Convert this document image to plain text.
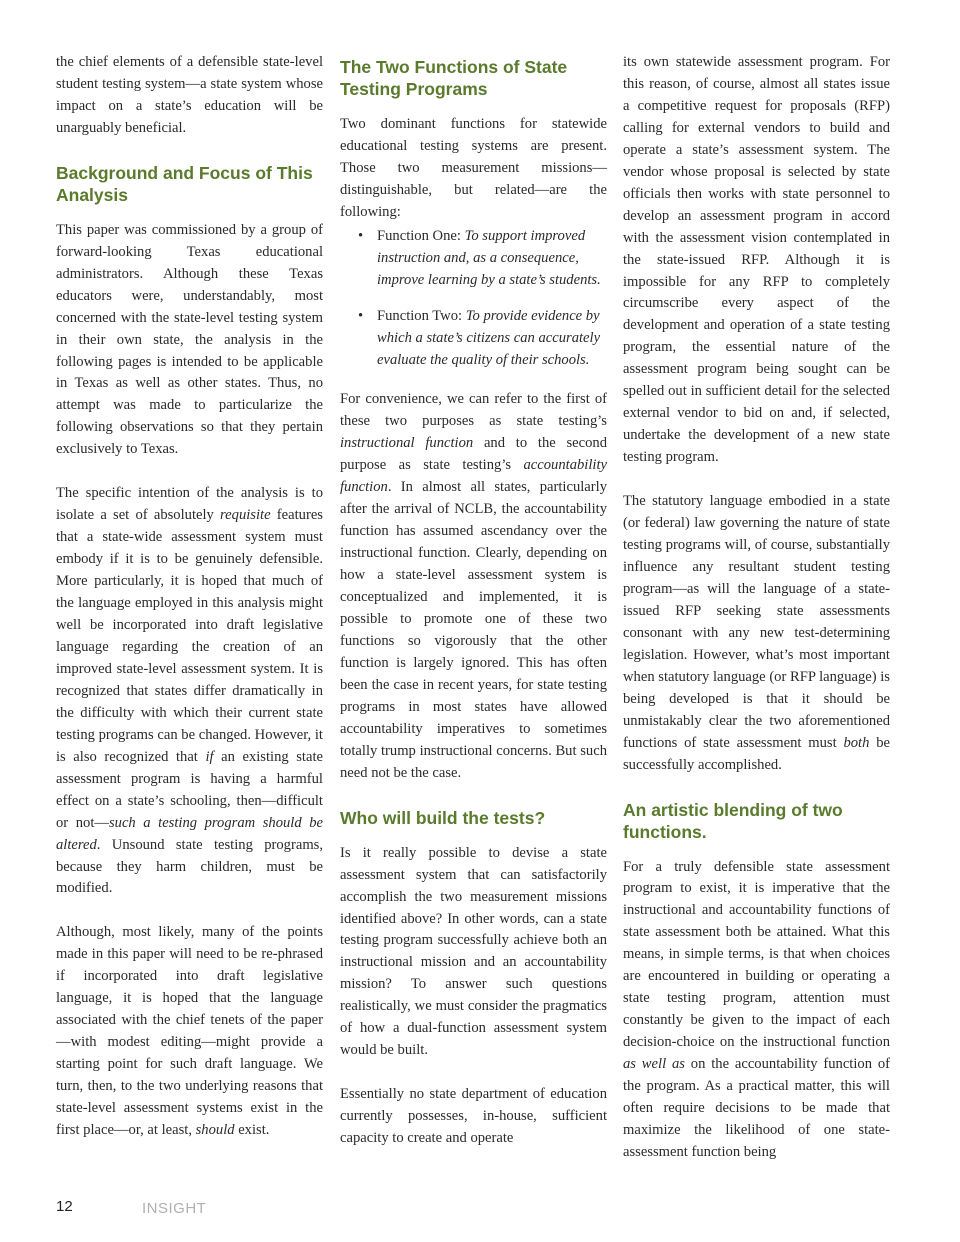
the chief elements of a defensible state-level student testing system—a state system whose impact on a state’s education will be unarguably beneficial.

Background and Focus of This Analysis

This paper was commissioned by a group of forward-looking Texas educational administrators. Although these Texas educators were, understandably, most concerned with the state-level testing system in their own state, the analysis in the following pages is intended to be applicable in Texas as well as other states. Thus, no attempt was made to particularize the following observations so that they pertain exclusively to Texas.

The specific intention of the analysis is to isolate a set of absolutely requisite features that a state-wide assessment system must embody if it is to be genuinely defensible. More particularly, it is hoped that much of the language employed in this analysis might well be incorporated into draft legislative language regarding the creation of an improved state-level assessment system. It is recognized that states differ dramatically in the difficulty with which their current state testing programs can be changed. However, it is also recognized that if an existing state assessment program is having a harmful effect on a state’s schooling, then—difficult or not—such a testing program should be altered. Unsound state testing programs, because they harm children, must be modified.

Although, most likely, many of the points made in this paper will need to be re-phrased if incorporated into draft legislative language, it is hoped that the language associated with the chief tenets of the paper—with modest editing—might provide a starting point for such draft language. We turn, then, to the two underlying reasons that state-level assessment systems exist in the first place—or, at least, should exist.

The Two Functions of State Testing Programs

Two dominant functions for statewide educational testing systems are present. Those two measurement missions—distinguishable, but related—are the following:

• Function One: To support improved instruction and, as a consequence, improve learning by a state’s students.
• Function Two: To provide evidence by which a state’s citizens can accurately evaluate the quality of their schools.

For convenience, we can refer to the first of these two purposes as state testing’s instructional function and to the second purpose as state testing’s accountability function. In almost all states, particularly after the arrival of NCLB, the accountability function has assumed ascendancy over the instructional function. Clearly, depending on how a state-level assessment system is conceptualized and implemented, it is possible to promote one of these two functions so vigorously that the other function is largely ignored. This has often been the case in recent years, for state testing programs in most states have allowed accountability imperatives to sometimes totally trump instructional concerns. But such need not be the case.

Who will build the tests?

Is it really possible to devise a state assessment system that can satisfactorily accomplish the two measurement missions identified above? In other words, can a state testing program successfully achieve both an instructional mission and an accountability mission? To answer such questions realistically, we must consider the pragmatics of how a dual-function assessment system would be built.

Essentially no state department of education currently possesses, in-house, sufficient capacity to create and operate

its own statewide assessment program. For this reason, of course, almost all states issue a competitive request for proposals (RFP) calling for external vendors to build and operate a state’s assessment system. The vendor whose proposal is selected by state officials then works with state personnel to develop an assessment program in accord with the assessment vision contemplated in the state-issued RFP. Although it is impossible for any RFP to completely circumscribe every aspect of the development and operation of a state testing program, the essential nature of the assessment program being sought can be spelled out in sufficient detail for the selected external vendor to bid on and, if selected, undertake the development of a new state testing program.

The statutory language embodied in a state (or federal) law governing the nature of state testing programs will, of course, substantially influence any resultant student testing program—as will the language of a state-issued RFP seeking state assessments consonant with any new test-determining legislation. However, what’s most important when statutory language (or RFP language) is being developed is that it should be unmistakably clear the two aforementioned functions of state assessment must both be successfully accomplished.

An artistic blending of two functions.

For a truly defensible state assessment program to exist, it is imperative that the instructional and accountability functions of state assessment both be attained. What this means, in simple terms, is that when choices are encountered in building or operating a state testing program, attention must constantly be given to the impact of each decision-choice on the instructional function as well as on the accountability function of the program. As a practical matter, this will often require decisions to be made that maximize the likelihood of one state-assessment function being

12	INSIGHT
